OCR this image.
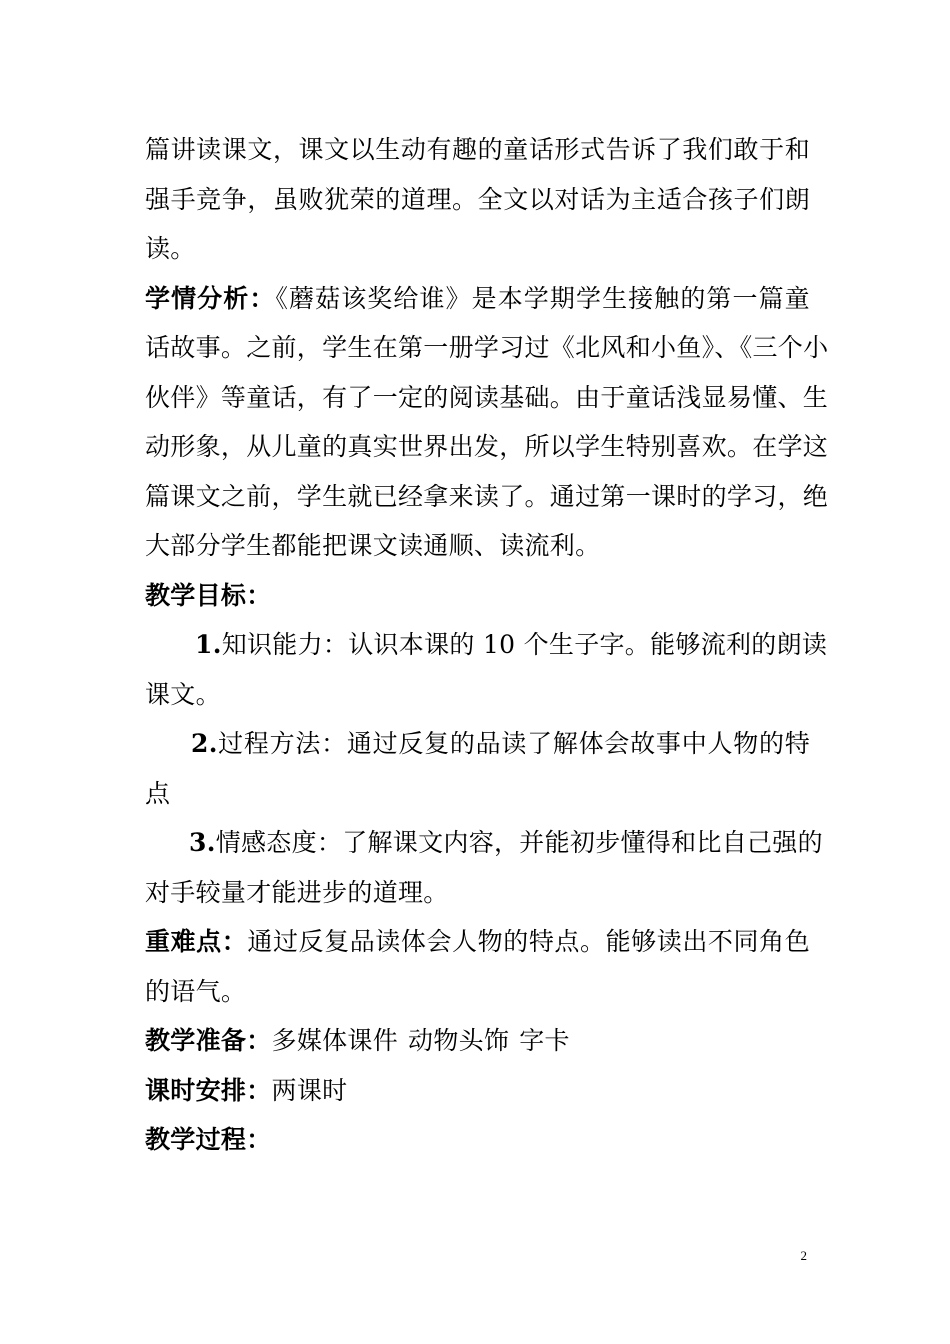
篇讲读课文，课文以生动有趣的童话形式告诉了我们敢于和
强手竞争，虽败犹荣的道理。全文以对话为主适合孩子们朗
读。
学情分析：《蘑菇该奖给谁》是本学期学生接触的第一篇童
话故事。之前，学生在第一册学习过《北风和小鱼》、《三个小
伙伴》等童话，有了一定的阅读基础。由于童话浅显易懂、生
动形象，从儿童的真实世界出发，所以学生特别喜欢。在学这
篇课文之前，学生就已经拿来读了。通过第一课时的学习，绝
大部分学生都能把课文读通顺、读流利。
教学目标：
1.知识能力：认识本课的 10 个生子字。能够流利的朗读
课文。
2.过程方法：通过反复的品读了解体会故事中人物的特
点
3.情感态度：了解课文内容，并能初步懂得和比自己强的
对手较量才能进步的道理。
重难点：通过反复品读体会人物的特点。能够读出不同角色
的语气。
教学准备：多媒体课件 动物头饰 字卡
课时安排：两课时
教学过程：
2
